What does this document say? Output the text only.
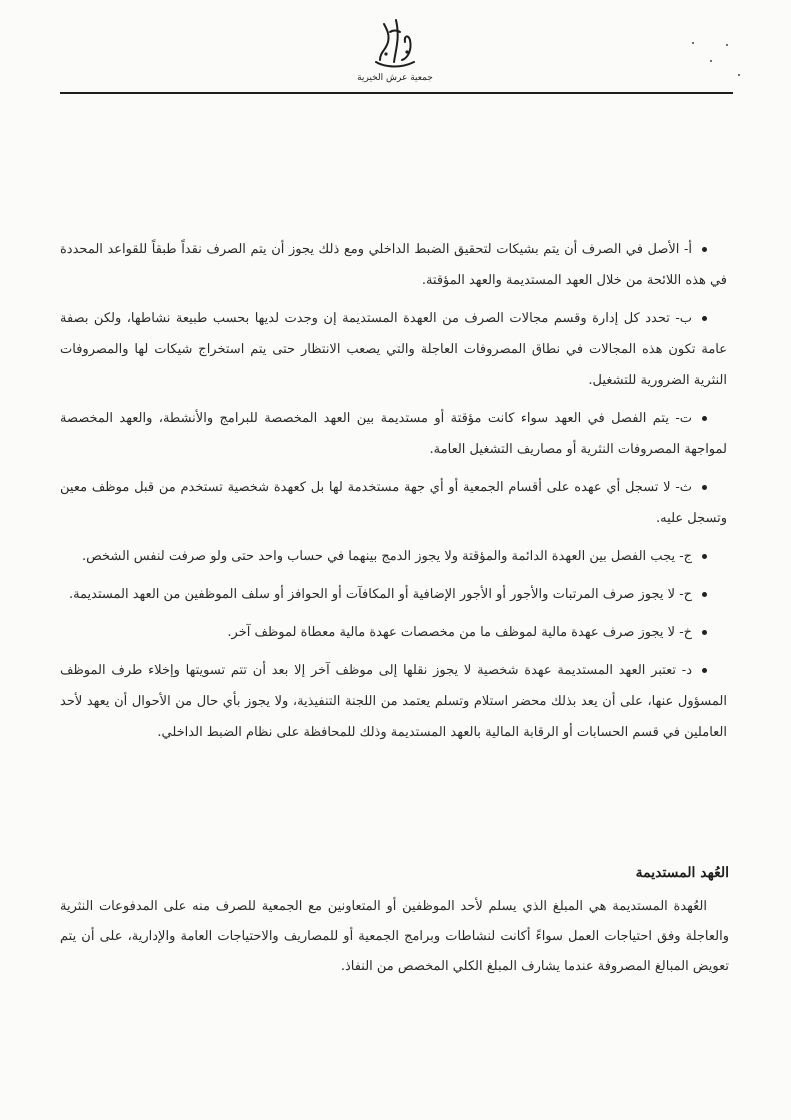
جمعية عرش الخيرية
أ- الأصل في الصرف أن يتم بشيكات لتحقيق الضبط الداخلي ومع ذلك يجوز أن يتم الصرف نقداً طبقاً للقواعد المحددة في هذه اللائحة من خلال العهد المستديمة والعهد المؤقتة.
ب- تحدد كل إدارة وقسم مجالات الصرف من العهدة المستديمة إن وجدت لديها بحسب طبيعة نشاطها، ولكن بصفة عامة تكون هذه المجالات في نطاق المصروفات العاجلة والتي يصعب الانتظار حتى يتم استخراج شيكات لها والمصروفات النثرية الضرورية للتشغيل.
ت- يتم الفصل في العهد سواء كانت مؤقتة أو مستديمة بين العهد المخصصة للبرامج والأنشطة، والعهد المخصصة لمواجهة المصروفات النثرية أو مصاريف التشغيل العامة.
ث- لا تسجل أي عهده على أقسام الجمعية أو أي جهة مستخدمة لها بل كعهدة شخصية تستخدم من قبل موظف معين وتسجل عليه.
ج- يجب الفصل بين العهدة الدائمة والمؤقتة ولا يجوز الدمج بينهما في حساب واحد حتى ولو صرفت لنفس الشخص.
ح- لا يجوز صرف المرتبات والأجور أو الأجور الإضافية أو المكافآت أو الحوافز أو سلف الموظفين من العهد المستديمة.
خ- لا يجوز صرف عهدة مالية لموظف ما من مخصصات عهدة مالية معطاة لموظف آخر.
د- تعتبر العهد المستديمة عهدة شخصية لا يجوز نقلها إلى موظف آخر إلا بعد أن تتم تسويتها وإخلاء طرف الموظف المسؤول عنها، على أن يعد بذلك محضر استلام وتسلم يعتمد من اللجنة التنفيذية، ولا يجوز بأي حال من الأحوال أن يعهد لأحد العاملين في قسم الحسابات أو الرقابة المالية بالعهد المستديمة وذلك للمحافظة على نظام الضبط الداخلي.
العُهد المستديمة

العُهدة المستديمة هي المبلغ الذي يسلم لأحد الموظفين أو المتعاونين مع الجمعية للصرف منه على المدفوعات النثرية والعاجلة وفق احتياجات العمل سواءً أكانت لنشاطات وبرامج الجمعية أو للمصاريف والاحتياجات العامة والإدارية، على أن يتم تعويض المبالغ المصروفة عندما يشارف المبلغ الكلي المخصص من النفاذ.
